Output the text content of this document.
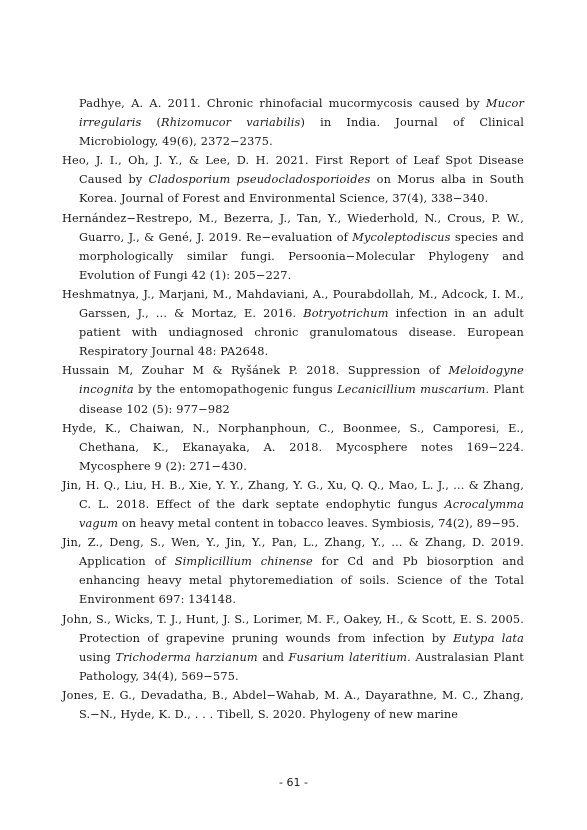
Padhye, A. A. 2011. Chronic rhinofacial mucormycosis caused by Mucor irregularis (Rhizomucor variabilis) in India. Journal of Clinical Microbiology, 49(6), 2372−2375.

Heo, J. I., Oh, J. Y., & Lee, D. H. 2021. First Report of Leaf Spot Disease Caused by Cladosporium pseudocladosporioides on Morus alba in South Korea. Journal of Forest and Environmental Science, 37(4), 338−340.

Hernández−Restrepo, M., Bezerra, J., Tan, Y., Wiederhold, N., Crous, P. W., Guarro, J., & Gené, J. 2019. Re−evaluation of Mycoleptodiscus species and morphologically similar fungi. Persoonia−Molecular Phylogeny and Evolution of Fungi 42 (1): 205−227.

Heshmatnya, J., Marjani, M., Mahdaviani, A., Pourabdollah, M., Adcock, I. M., Garssen, J., ... & Mortaz, E. 2016. Botryotrichum infection in an adult patient with undiagnosed chronic granulomatous disease. European Respiratory Journal 48: PA2648.

Hussain M, Zouhar M & Ryšánek P. 2018. Suppression of Meloidogyne incognita by the entomopathogenic fungus Lecanicillium muscarium. Plant disease 102 (5): 977−982

Hyde, K., Chaiwan, N., Norphanphoun, C., Boonmee, S., Camporesi, E., Chethana, K., Ekanayaka, A. 2018. Mycosphere notes 169−224. Mycosphere 9 (2): 271−430.

Jin, H. Q., Liu, H. B., Xie, Y. Y., Zhang, Y. G., Xu, Q. Q., Mao, L. J., ... & Zhang, C. L. 2018. Effect of the dark septate endophytic fungus Acrocalymma vagum on heavy metal content in tobacco leaves. Symbiosis, 74(2), 89−95.

Jin, Z., Deng, S., Wen, Y., Jin, Y., Pan, L., Zhang, Y., ... & Zhang, D. 2019. Application of Simplicillium chinense for Cd and Pb biosorption and enhancing heavy metal phytoremediation of soils. Science of the Total Environment 697: 134148.

John, S., Wicks, T. J., Hunt, J. S., Lorimer, M. F., Oakey, H., & Scott, E. S. 2005. Protection of grapevine pruning wounds from infection by Eutypa lata using Trichoderma harzianum and Fusarium lateritium. Australasian Plant Pathology, 34(4), 569−575.

Jones, E. G., Devadatha, B., Abdel−Wahab, M. A., Dayarathne, M. C., Zhang, S.−N., Hyde, K. D., . . . Tibell, S. 2020. Phylogeny of new marine

- 61 -
